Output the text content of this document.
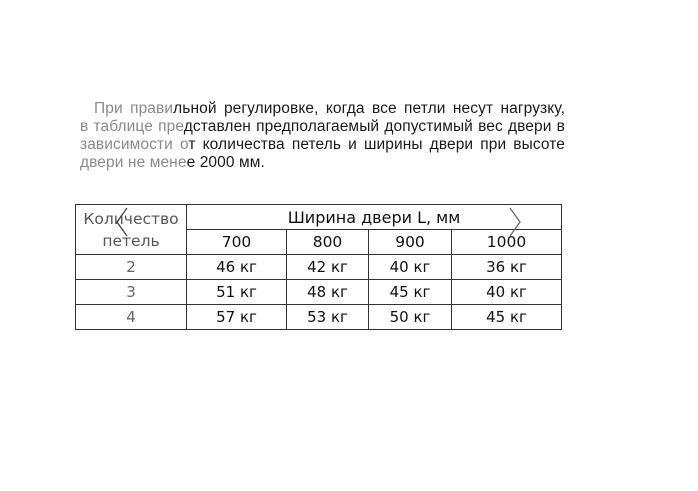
При правильной регулировке, когда все петли несут нагрузку,
в таблице представлен предполагаемый допустимый вес двери в
зависимости от количества петель и ширины двери при высоте
двери не менее 2000 мм.
Количество
петель	Ширина двери L, мм			
	700	800	900	1000
2	46 кг	42 кг	40 кг	36 кг
3	51 кг	48 кг	45 кг	40 кг
4	57 кг	53 кг	50 кг	45 кг
